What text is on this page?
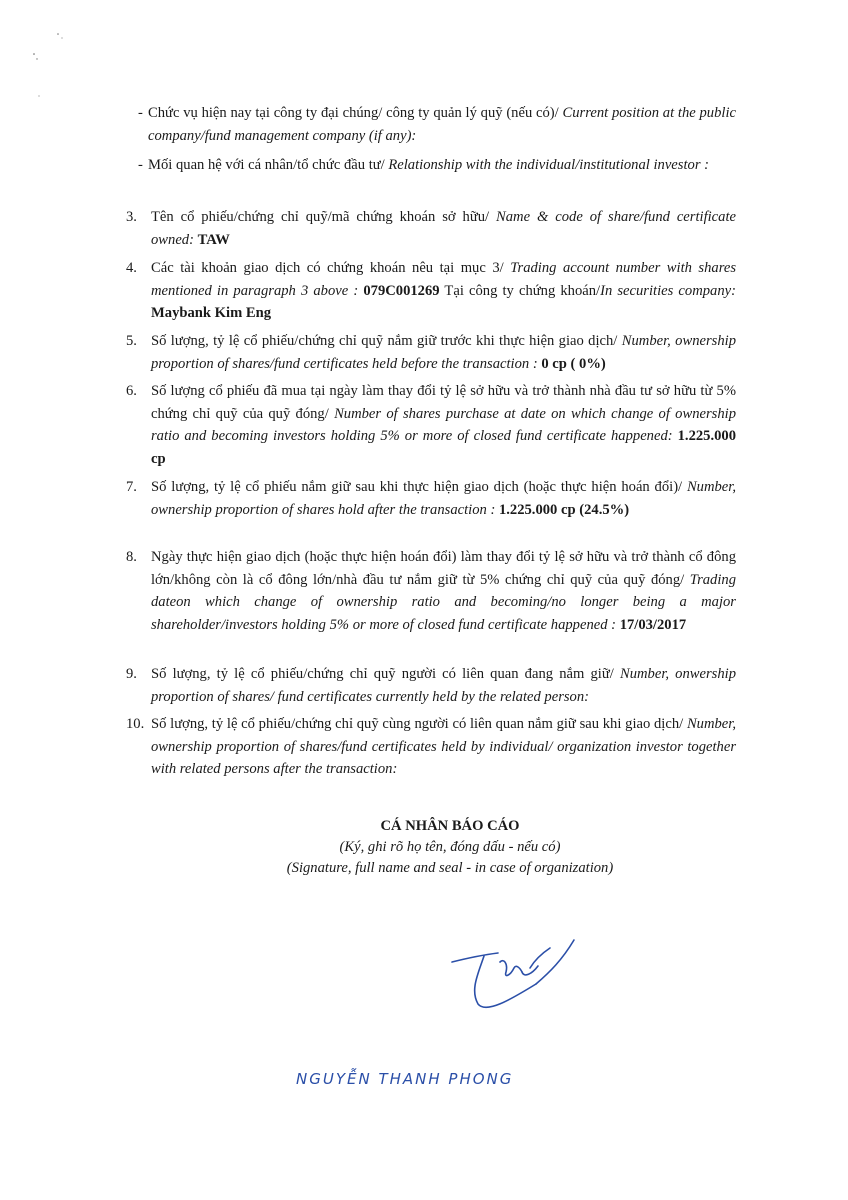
- Chức vụ hiện nay tại công ty đại chúng/ công ty quản lý quỹ (nếu có)/ Current position at the public company/fund management company (if any):
- Mối quan hệ với cá nhân/tổ chức đầu tư/ Relationship with the individual/institutional investor :
3. Tên cổ phiếu/chứng chỉ quỹ/mã chứng khoán sở hữu/ Name & code of share/fund certificate owned: TAW
4. Các tài khoản giao dịch có chứng khoán nêu tại mục 3/ Trading account number with shares mentioned in paragraph 3 above : 079C001269 Tại công ty chứng khoán/In securities company: Maybank Kim Eng
5. Số lượng, tỷ lệ cổ phiếu/chứng chỉ quỹ nắm giữ trước khi thực hiện giao dịch/ Number, ownership proportion of shares/fund certificates held before the transaction : 0 cp ( 0%)
6. Số lượng cổ phiếu đã mua tại ngày làm thay đổi tỷ lệ sở hữu và trở thành nhà đầu tư sở hữu từ 5% chứng chỉ quỹ của quỹ đóng/ Number of shares purchase at date on which change of ownership ratio and becoming investors holding 5% or more of closed fund certificate happened: 1.225.000 cp
7. Số lượng, tỷ lệ cổ phiếu nắm giữ sau khi thực hiện giao dịch (hoặc thực hiện hoán đổi)/ Number, ownership proportion of shares hold after the transaction : 1.225.000 cp (24.5%)
8. Ngày thực hiện giao dịch (hoặc thực hiện hoán đổi) làm thay đổi tỷ lệ sở hữu và trở thành cổ đông lớn/không còn là cổ đông lớn/nhà đầu tư nắm giữ từ 5% chứng chỉ quỹ của quỹ đóng/ Trading dateon which change of ownership ratio and becoming/no longer being a major shareholder/investors holding 5% or more of closed fund certificate happened : 17/03/2017
9. Số lượng, tỷ lệ cổ phiếu/chứng chỉ quỹ người có liên quan đang nắm giữ/ Number, onwership proportion of shares/ fund certificates currently held by the related person:
10. Số lượng, tỷ lệ cổ phiếu/chứng chỉ quỹ cùng người có liên quan nắm giữ sau khi giao dịch/ Number, ownership proportion of shares/fund certificates held by individual/ organization investor together with related persons after the transaction:
CÁ NHÂN BÁO CÁO
(Ký, ghi rõ họ tên, đóng dấu - nếu có)
(Signature, full name and seal - in case of organization)
NGUYỄN THANH PHONG
